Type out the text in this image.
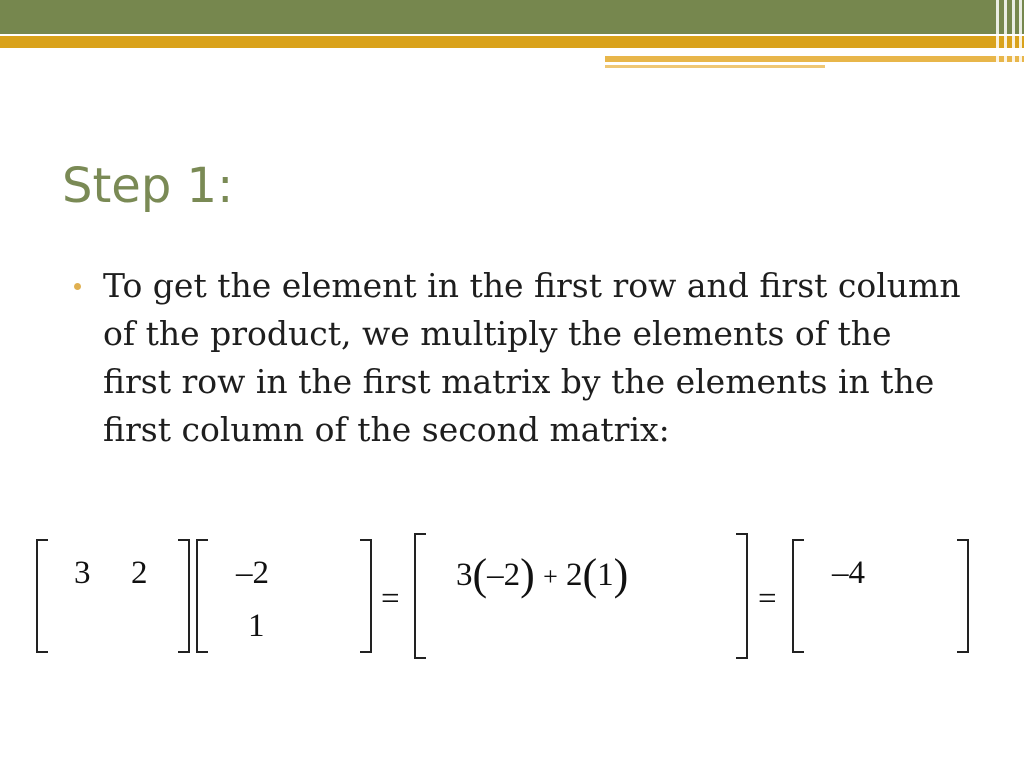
Step 1:
To get the element in the first row and first column of the product, we multiply the elements of the first row in the first matrix by the elements in the first column of the second matrix:
3 2	–2
1
=
3(–2) + 2(1)	=
–4
